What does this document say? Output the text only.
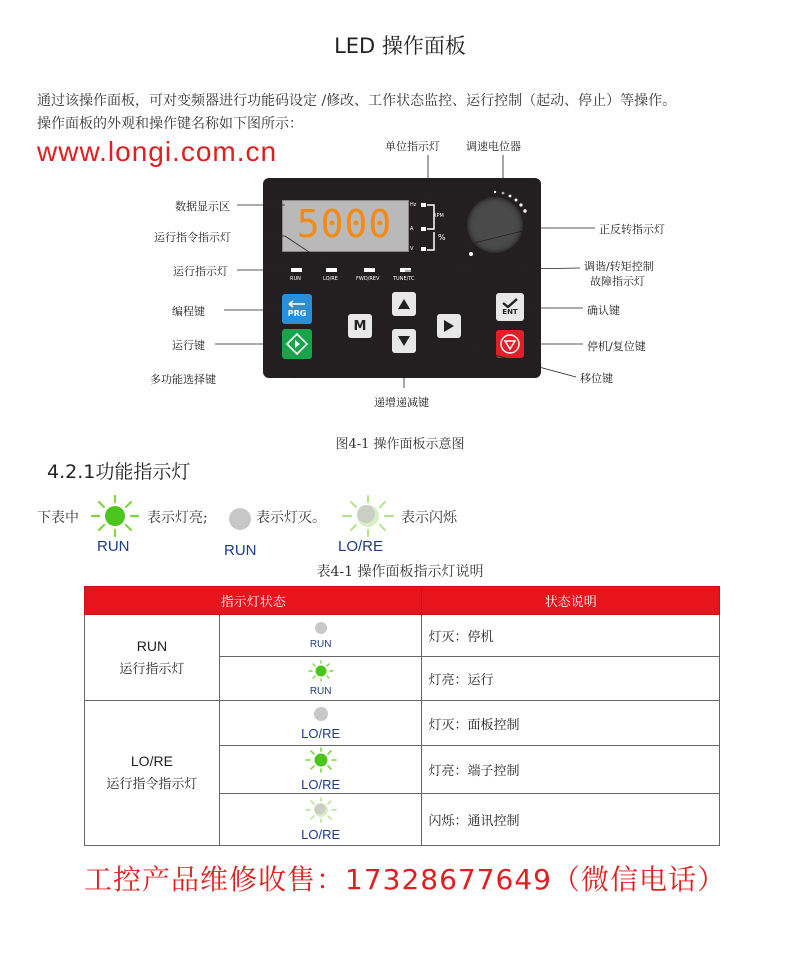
LED 操作面板
通过该操作面板，可对变频器进行功能码设定 /修改、工作状态监控、运行控制（起动、停止）等操作。
操作面板的外观和操作键名称如下图所示：
www.longi.com.cn
5000	Hz
RPM
A
%
V
RUN	LO/RE	FWD/REV	TUNE/TC
PRG
M
ENT
单位指示灯 调速电位器
数据显示区
运行指令指示灯
运行指示灯
编程键
运行键
多功能选择键
递增递减键
正反转指示灯
调谐/转矩控制
故障指示灯
确认键
停机/复位键
移位键
图4-1 操作面板示意图
4.2.1功能指示灯
下表中	表示灯亮;
RUN
表示灯灭。
RUN
表示闪烁
LO/RE
表4-1 操作面板指示灯说明
指示灯状态		状态说明

RUN
运行指示灯	RUN	灯灭：停机

	RUN	灯亮：运行

LO/RE
运行指令指示灯	LO/RE	灯灭：面板控制

	LO/RE	灯亮：端子控制

	LO/RE	闪烁：通讯控制
工控产品维修收售：17328677649（微信电话）
